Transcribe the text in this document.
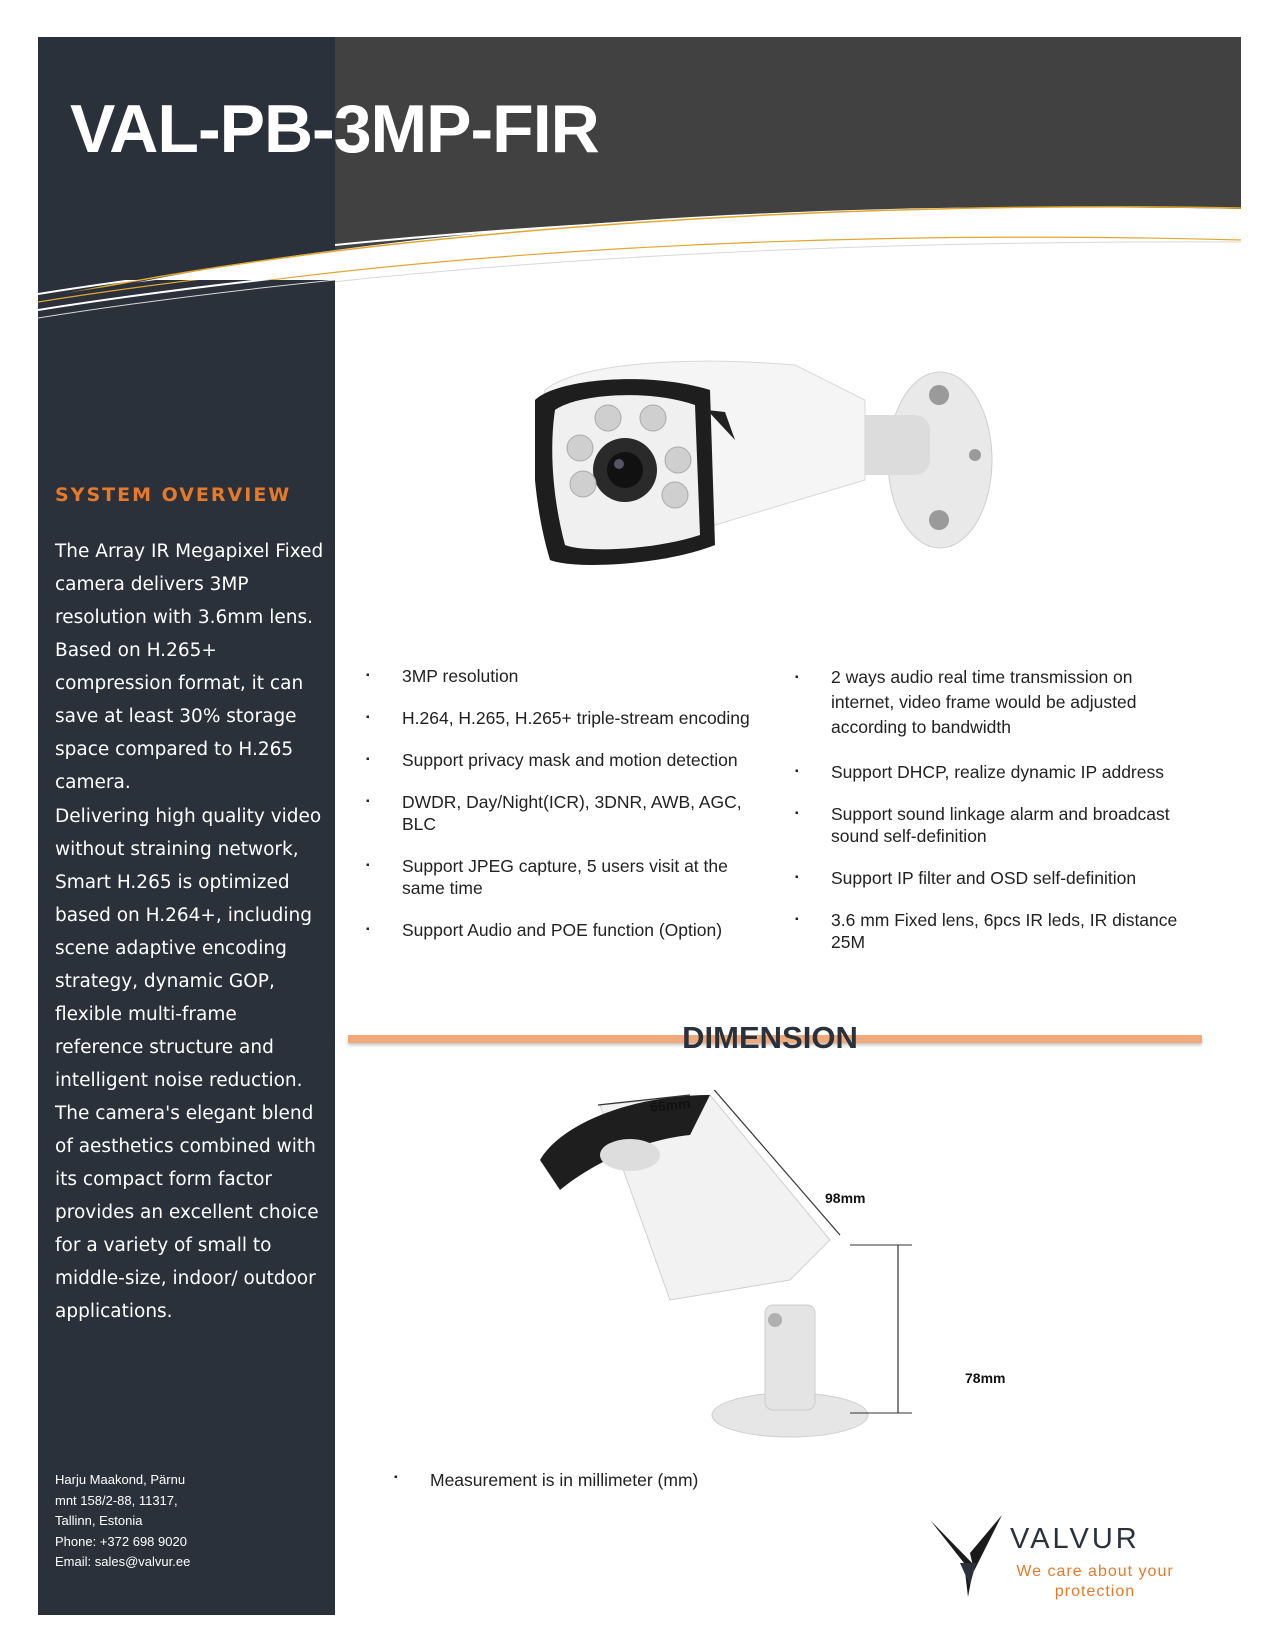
VAL-PB-3MP-FIR
SYSTEM OVERVIEW

The Array IR Megapixel Fixed camera delivers 3MP resolution with 3.6mm lens. Based on H.265+ compression format, it can save at least 30% storage space compared to H.265 camera.

Delivering high quality video without straining network, Smart H.265 is optimized based on H.264+, including scene adaptive encoding strategy, dynamic GOP, flexible multi-frame reference structure and intelligent noise reduction.

The camera's elegant blend of aesthetics combined with its compact form factor provides an excellent choice for a variety of small to middle-size, indoor/ outdoor applications.

Harju Maakond, Pärnu
mnt 158/2-88, 11317,
Tallinn, Estonia
Phone: +372 698 9020
Email: sales@valvur.ee
▪ 3MP resolution
▪ H.264, H.265, H.265+ triple-stream encoding
▪ Support privacy mask and motion detection
▪ DWDR, Day/Night(ICR), 3DNR, AWB, AGC, BLC
▪ Support JPEG capture, 5 users visit at the same time
▪ Support Audio and POE function (Option)
▪ 2 ways audio real time transmission on internet, video frame would be adjusted according to bandwidth
▪ Support DHCP, realize dynamic IP address
▪ Support sound linkage alarm and broadcast sound self-definition
▪ Support IP filter and OSD self-definition
▪ 3.6 mm Fixed lens, 6pcs IR leds, IR distance 25M
DIMENSION
66mm
98mm
78mm
▪ Measurement is in millimeter (mm)
VALVUR
We care about your protection
